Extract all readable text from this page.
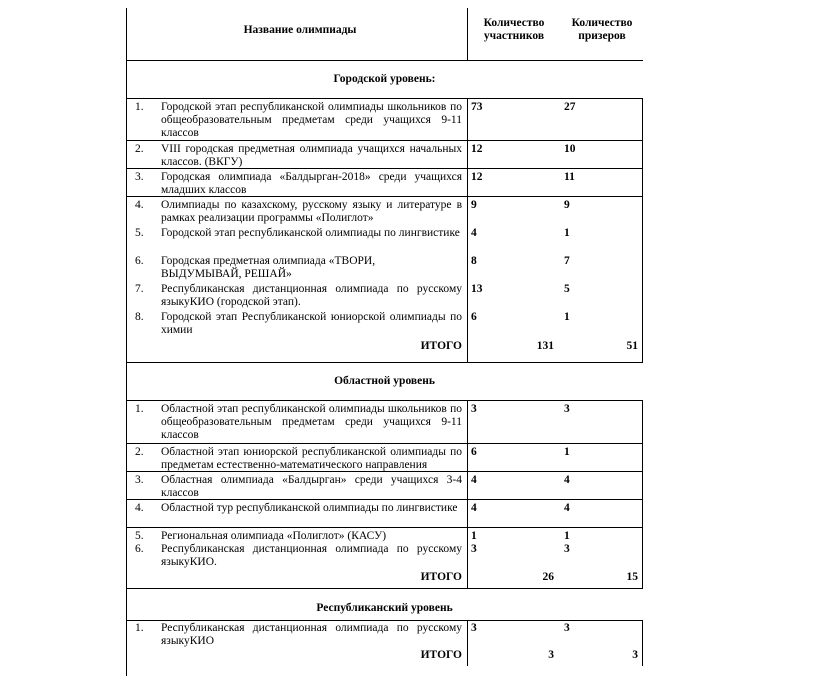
Название олимпиады
Количество участников
Количество призеров
Городской уровень:
1. Городской этап республиканской олимпиады школьников по общеобразовательным предметам среди учащихся 9-11 классов
73	27
2. VIII городская предметная олимпиада учащихся начальных классов. (ВКГУ)
12	10
3. Городская олимпиада «Балдырган-2018» среди учащихся младших классов
12	11
4. Олимпиады по казахскому, русскому языку и литературе в рамках реализации программы «Полиглот»
9	9
5. Городской этап республиканской олимпиады по лингвистике 4	1
6. Городская предметная олимпиада «ТВОРИ, ВЫДУМЫВАЙ, РЕШАЙ»
8	7
7. Республиканская дистанционная олимпиада по русскому языкуКИО (городской этап).
13	5
8. Городской этап Республиканской юниорской олимпиады по химии
6	1
ИТОГО	131	51
Областной уровень
1. Областной этап республиканской олимпиады школьников по общеобразовательным предметам среди учащихся 9-11 классов
3	3
2. Областной этап юниорской республиканской олимпиады по предметам естественно-математического направления
6	1
3. Областная олимпиада «Балдырган» среди учащихся 3-4 классов
4	4
4. Областной тур республиканской олимпиады по лингвистике	4	4
5. Региональная олимпиада «Полиглот» (КАСУ)	1	1
6. Республиканская дистанционная олимпиада по русскому языкуКИО.
3	3
ИТОГО	26	15
Республиканский уровень
1. Республиканская дистанционная олимпиада по русскому языкуКИО
3	3
ИТОГО	3	3
